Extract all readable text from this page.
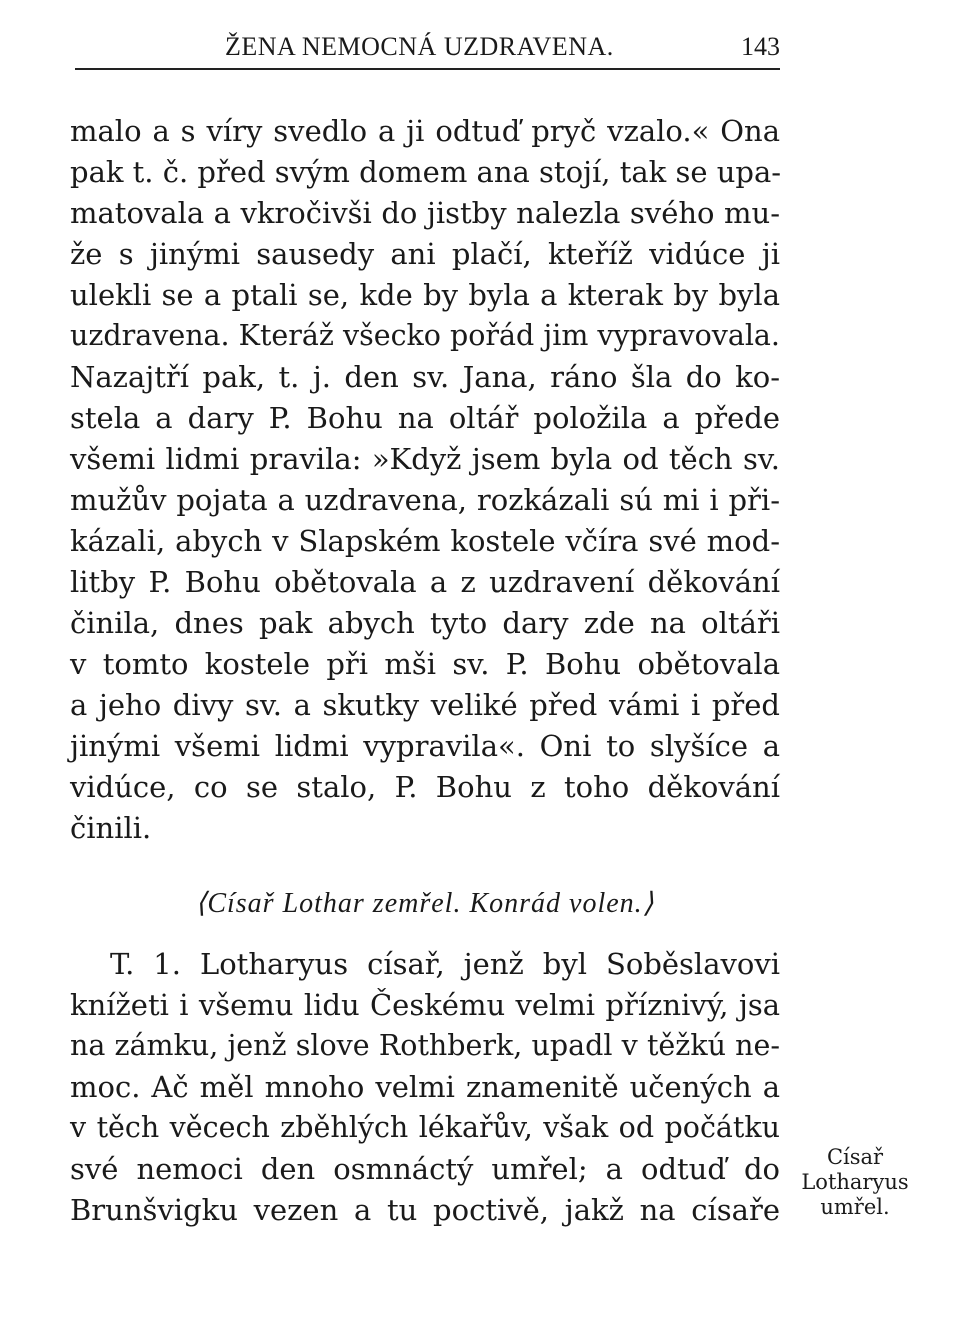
ŽENA NEMOCNÁ UZDRAVENA.	143
malo a s víry svedlo a ji odtuď pryč vzalo.« Ona
pak t. č. před svým domem ana stojí, tak se upa-
matovala a vkročivši do jistby nalezla svého mu-
že s jinými sausedy ani plačí, kteříž vidúce ji
ulekli se a ptali se, kde by byla a kterak by byla
uzdravena. Kteráž všecko pořád jim vypravovala.
Nazajtří pak, t. j. den sv. Jana, ráno šla do ko-
stela a dary P. Bohu na oltář položila a přede
všemi lidmi pravila: »Když jsem byla od těch sv.
mužův pojata a uzdravena, rozkázali sú mi i při-
kázali, abych v Slapském kostele včíra své mod-
litby P. Bohu obětovala a z uzdravení děkování
činila, dnes pak abych tyto dary zde na oltáři
v tomto kostele při mši sv. P. Bohu obětovala
a jeho divy sv. a skutky veliké před vámi i před
jinými všemi lidmi vypravila«. Oni to slyšíce a
vidúce, co se stalo, P. Bohu z toho děkování
činili.
⟨Císař Lothar zemřel. Konrád volen.⟩
T. 1. Lotharyus císař, jenž byl Soběslavovi
knížeti i všemu lidu Českému velmi příznivý, jsa
na zámku, jenž slove Rothberk, upadl v těžkú ne-
moc. Ač měl mnoho velmi znamenitě učených a
v těch věcech zběhlých lékařův, však od počátku
své nemoci den osmnáctý umřel; a odtuď do
Brunšvigku vezen a tu poctivě, jakž na císaře
Císař
Lotharyus
umřel.
